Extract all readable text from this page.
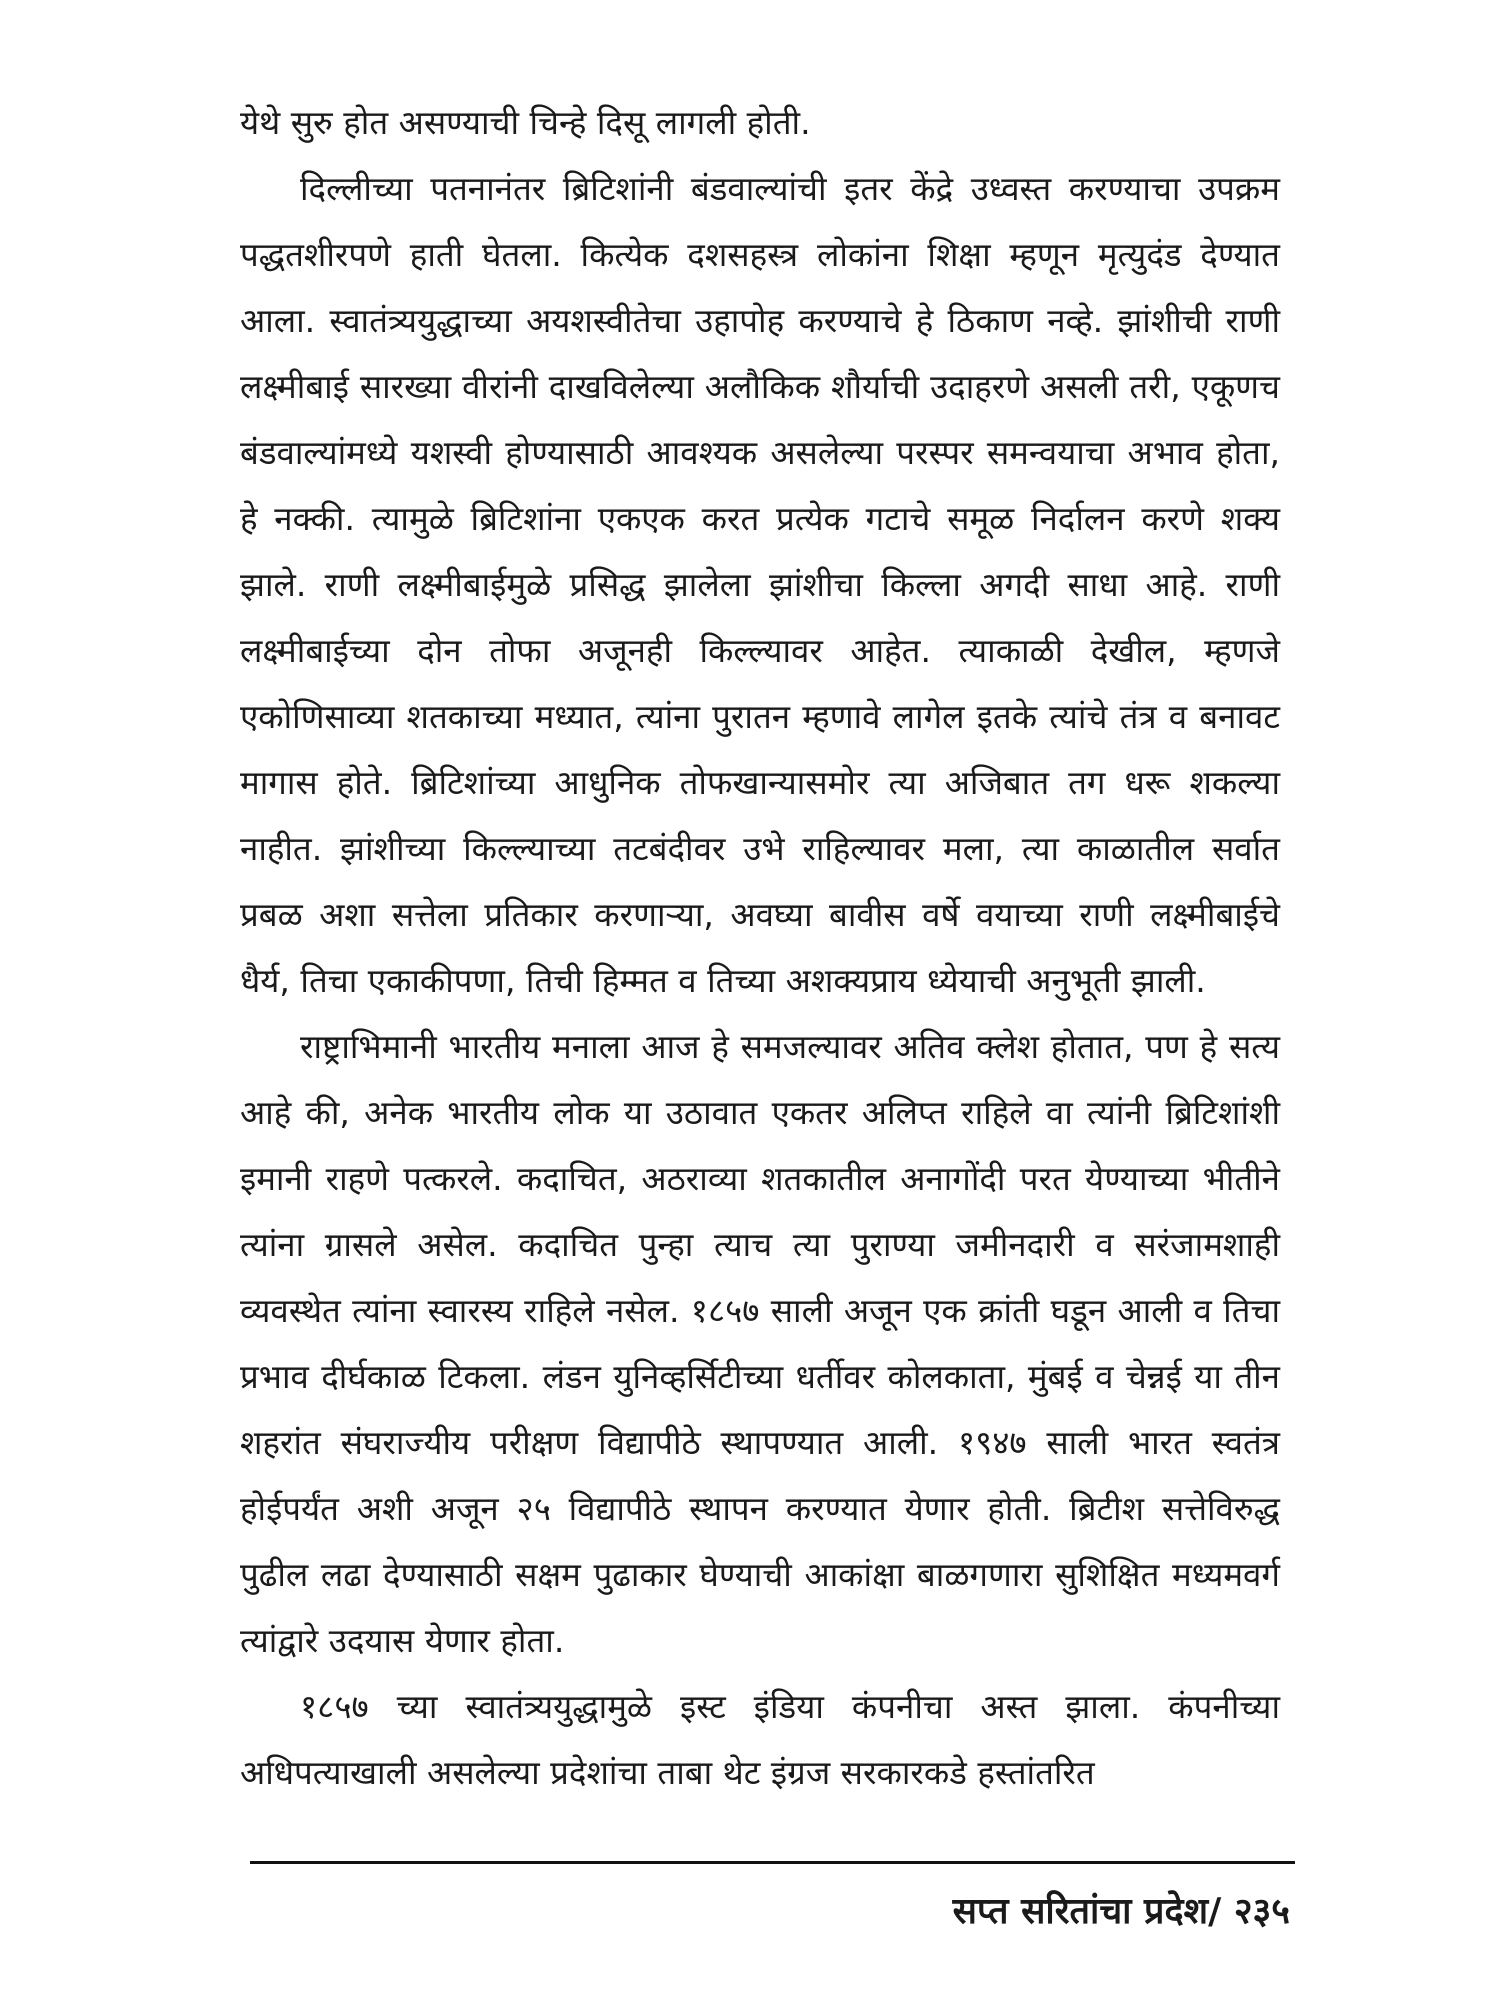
येथे सुरु होत असण्याची चिन्हे दिसू लागली होती.

दिल्लीच्या पतनानंतर ब्रिटिशांनी बंडवाल्यांची इतर केंद्रे उध्वस्त करण्याचा उपक्रम पद्धतशीरपणे हाती घेतला. कित्येक दशसहस्त्र लोकांना शिक्षा म्हणून मृत्युदंड देण्यात आला. स्वातंत्र्ययुद्धाच्या अयशस्वीतेचा उहापोह करण्याचे हे ठिकाण नव्हे. झांशीची राणी लक्ष्मीबाई सारख्या वीरांनी दाखविलेल्या अलौकिक शौर्याची उदाहरणे असली तरी, एकूणच बंडवाल्यांमध्ये यशस्वी होण्यासाठी आवश्यक असलेल्या परस्पर समन्वयाचा अभाव होता, हे नक्की. त्यामुळे ब्रिटिशांना एकएक करत प्रत्येक गटाचे समूळ निर्दालन करणे शक्य झाले. राणी लक्ष्मीबाईमुळे प्रसिद्ध झालेला झांशीचा किल्ला अगदी साधा आहे. राणी लक्ष्मीबाईच्या दोन तोफा अजूनही किल्ल्यावर आहेत. त्याकाळी देखील, म्हणजे एकोणिसाव्या शतकाच्या मध्यात, त्यांना पुरातन म्हणावे लागेल इतके त्यांचे तंत्र व बनावट मागास होते. ब्रिटिशांच्या आधुनिक तोफखान्यासमोर त्या अजिबात तग धरू शकल्या नाहीत. झांशीच्या किल्ल्याच्या तटबंदीवर उभे राहिल्यावर मला, त्या काळातील सर्वात प्रबळ अशा सत्तेला प्रतिकार करणाऱ्या, अवघ्या बावीस वर्षे वयाच्या राणी लक्ष्मीबाईचे धैर्य, तिचा एकाकीपणा, तिची हिम्मत व तिच्या अशक्यप्राय ध्येयाची अनुभूती झाली.

राष्ट्राभिमानी भारतीय मनाला आज हे समजल्यावर अतिव क्लेश होतात, पण हे सत्य आहे की, अनेक भारतीय लोक या उठावात एकतर अलिप्त राहिले वा त्यांनी ब्रिटिशांशी इमानी राहणे पत्करले. कदाचित, अठराव्या शतकातील अनागोंदी परत येण्याच्या भीतीने त्यांना ग्रासले असेल. कदाचित पुन्हा त्याच त्या पुराण्या जमीनदारी व सरंजामशाही व्यवस्थेत त्यांना स्वारस्य राहिले नसेल. १८५७ साली अजून एक क्रांती घडून आली व तिचा प्रभाव दीर्घकाळ टिकला. लंडन युनिव्हर्सिटीच्या धर्तीवर कोलकाता, मुंबई व चेन्नई या तीन शहरांत संघराज्यीय परीक्षण विद्यापीठे स्थापण्यात आली. १९४७ साली भारत स्वतंत्र होईपर्यंत अशी अजून २५ विद्यापीठे स्थापन करण्यात येणार होती. ब्रिटीश सत्तेविरुद्ध पुढील लढा देण्यासाठी सक्षम पुढाकार घेण्याची आकांक्षा बाळगणारा सुशिक्षित मध्यमवर्ग त्यांद्वारे उदयास येणार होता.

१८५७ च्या स्वातंत्र्ययुद्धामुळे इस्ट इंडिया कंपनीचा अस्त झाला. कंपनीच्या अधिपत्याखाली असलेल्या प्रदेशांचा ताबा थेट इंग्रज सरकारकडे हस्तांतरित

सप्त सरितांचा प्रदेश/ २३५
